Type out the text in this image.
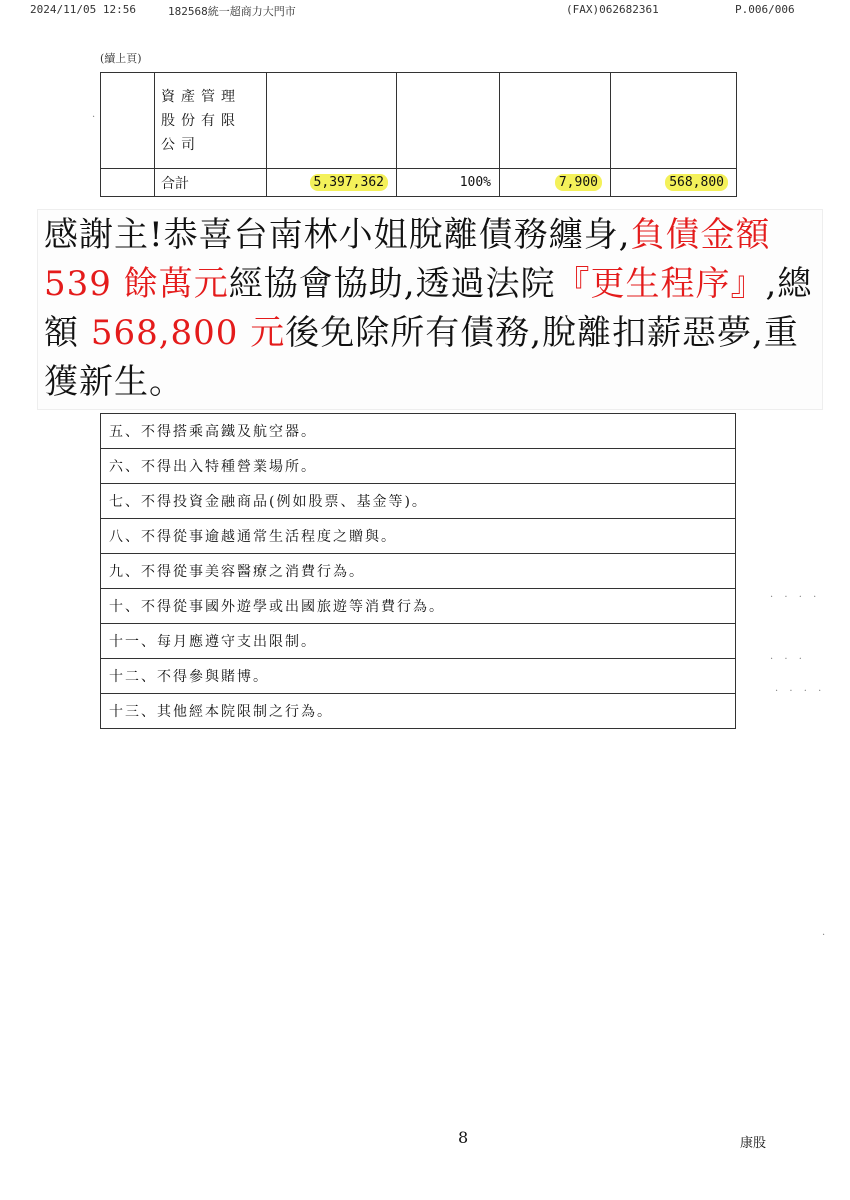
2024/11/05 12:56	182568統一超商力大門市	(FAX)062682361	P.006/006
(續上頁)

	資產管理
股份有限
公司				

	合計	5,397,362	100%	7,900	568,800
感謝主!恭喜台南林小姐脫離債務纏身,負債金額 539 餘萬元經協會協助,透過法院『更生程序』,總額 568,800 元後免除所有債務,脫離扣薪惡夢,重獲新生。
五、不得搭乘高鐵及航空器。
六、不得出入特種營業場所。
七、不得投資金融商品(例如股票、基金等)。
八、不得從事逾越通常生活程度之贈與。
九、不得從事美容醫療之消費行為。
十、不得從事國外遊學或出國旅遊等消費行為。
十一、每月應遵守支出限制。
十二、不得參與賭博。
十三、其他經本院限制之行為。
·
· · · ·
· · ·
· · · ·
·
8	康股
